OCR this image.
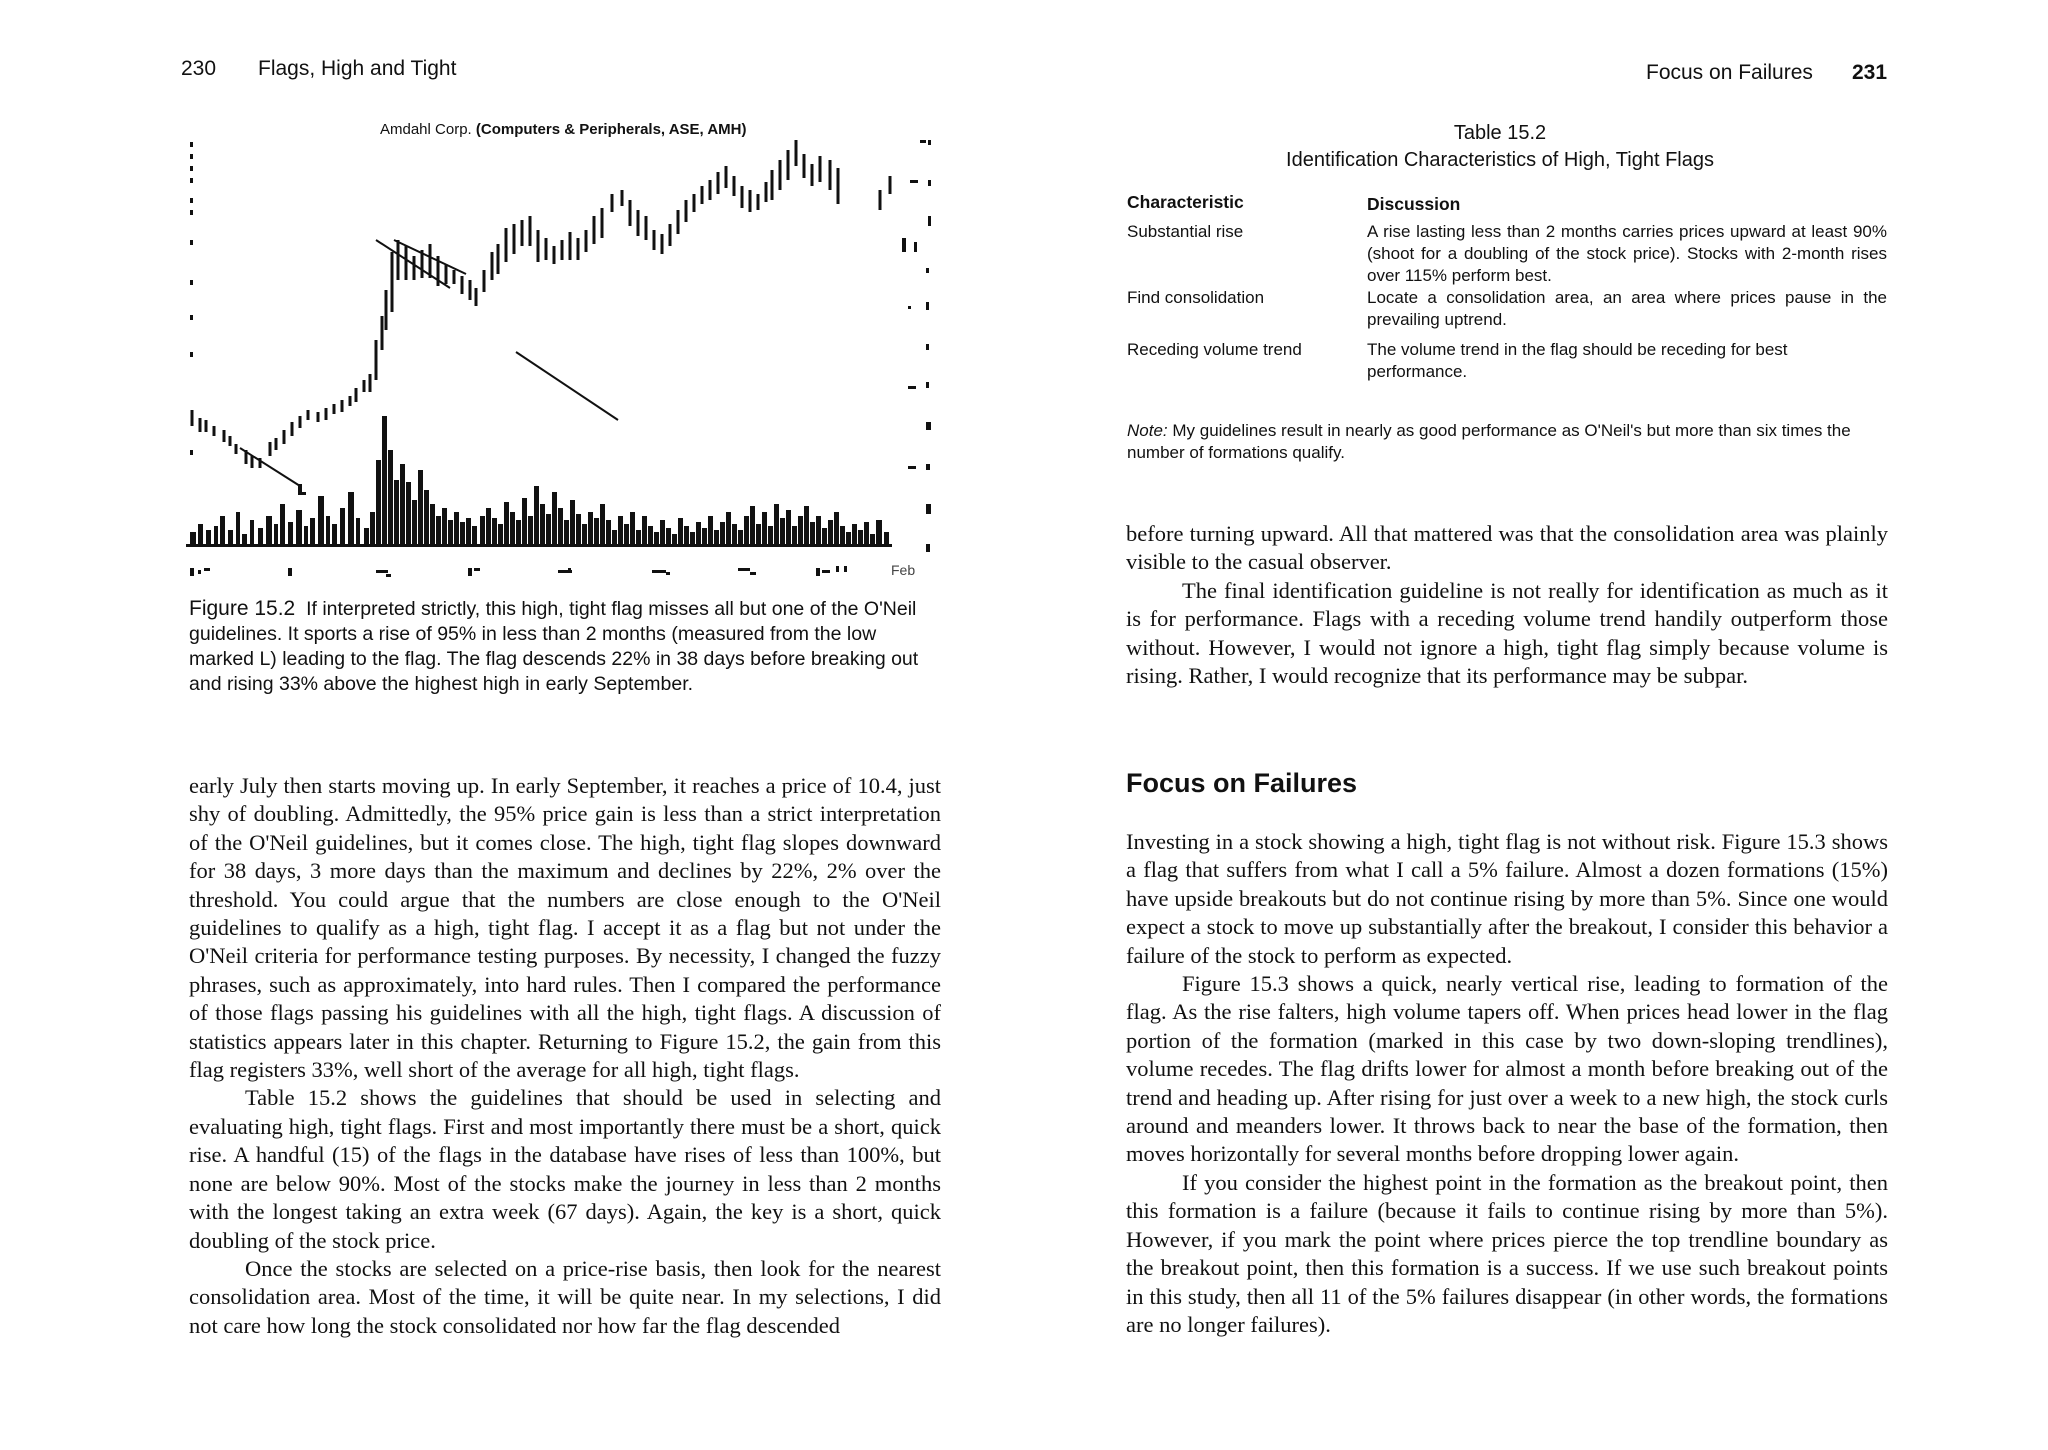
230 Flags, High and Tight
Amdahl Corp. (Computers & Peripherals, ASE, AMH)
Feb
Figure 15.2 If interpreted strictly, this high, tight flag misses all but one of the O'Neil guidelines. It sports a rise of 95% in less than 2 months (measured from the low marked L) leading to the flag. The flag descends 22% in 38 days before breaking out and rising 33% above the highest high in early September.

early July then starts moving up. In early September, it reaches a price of 10.4, just shy of doubling. Admittedly, the 95% price gain is less than a strict interpretation of the O'Neil guidelines, but it comes close. The high, tight flag slopes downward for 38 days, 3 more days than the maximum and declines by 22%, 2% over the threshold. You could argue that the numbers are close enough to the O'Neil guidelines to qualify as a high, tight flag. I accept it as a flag but not under the O'Neil criteria for performance testing purposes. By necessity, I changed the fuzzy phrases, such as approximately, into hard rules. Then I compared the performance of those flags passing his guidelines with all the high, tight flags. A discussion of statistics appears later in this chapter. Returning to Figure 15.2, the gain from this flag registers 33%, well short of the average for all high, tight flags.

Table 15.2 shows the guidelines that should be used in selecting and evaluating high, tight flags. First and most importantly there must be a short, quick rise. A handful (15) of the flags in the database have rises of less than 100%, but none are below 90%. Most of the stocks make the journey in less than 2 months with the longest taking an extra week (67 days). Again, the key is a short, quick doubling of the stock price.

Once the stocks are selected on a price-rise basis, then look for the nearest consolidation area. Most of the time, it will be quite near. In my selections, I did not care how long the stock consolidated nor how far the flag descended

Focus on Failures 231
Table 15.2
Identification Characteristics of High, Tight Flags
Characteristic	Discussion
Substantial rise	A rise lasting less than 2 months carries prices upward at least 90% (shoot for a doubling of the stock price). Stocks with 2-month rises over 115% perform best.
Find consolidation	Locate a consolidation area, an area where prices pause in the prevailing uptrend.
Receding volume trend	The volume trend in the flag should be receding for best performance.
Note: My guidelines result in nearly as good performance as O'Neil's but more than six times the number of formations qualify.

before turning upward. All that mattered was that the consolidation area was plainly visible to the casual observer.

The final identification guideline is not really for identification as much as it is for performance. Flags with a receding volume trend handily outperform those without. However, I would not ignore a high, tight flag simply because volume is rising. Rather, I would recognize that its performance may be subpar.

Focus on Failures

Investing in a stock showing a high, tight flag is not without risk. Figure 15.3 shows a flag that suffers from what I call a 5% failure. Almost a dozen formations (15%) have upside breakouts but do not continue rising by more than 5%. Since one would expect a stock to move up substantially after the breakout, I consider this behavior a failure of the stock to perform as expected.

Figure 15.3 shows a quick, nearly vertical rise, leading to formation of the flag. As the rise falters, high volume tapers off. When prices head lower in the flag portion of the formation (marked in this case by two down-sloping trendlines), volume recedes. The flag drifts lower for almost a month before breaking out of the trend and heading up. After rising for just over a week to a new high, the stock curls around and meanders lower. It throws back to near the base of the formation, then moves horizontally for several months before dropping lower again.

If you consider the highest point in the formation as the breakout point, then this formation is a failure (because it fails to continue rising by more than 5%). However, if you mark the point where prices pierce the top trendline boundary as the breakout point, then this formation is a success. If we use such breakout points in this study, then all 11 of the 5% failures disappear (in other words, the formations are no longer failures).
